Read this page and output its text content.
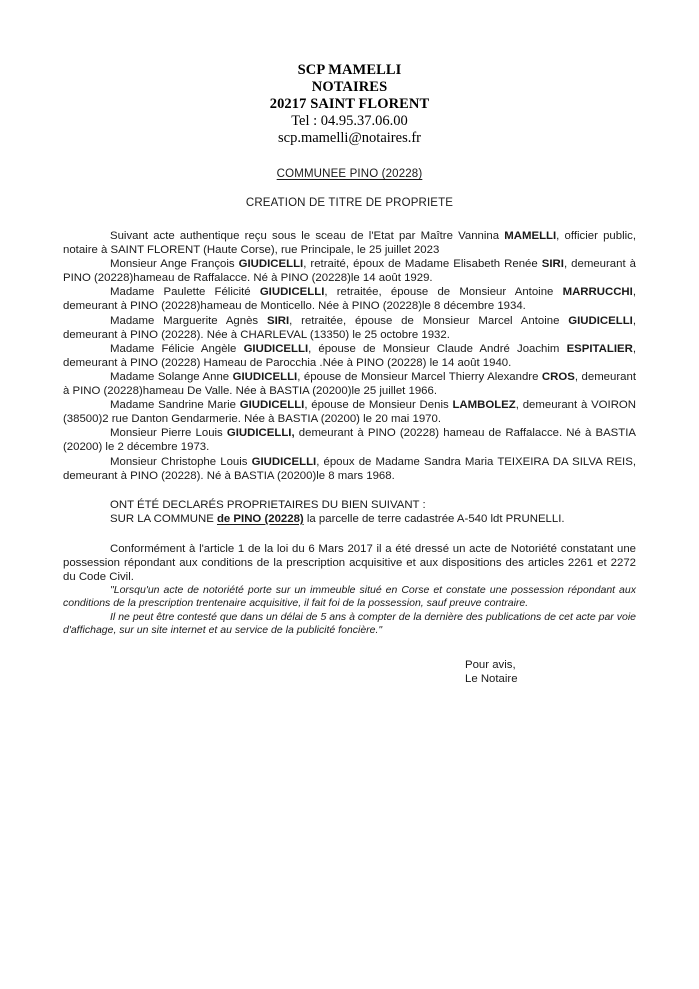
SCP MAMELLI
NOTAIRES
20217 SAINT FLORENT
Tel : 04.95.37.06.00
scp.mamelli@notaires.fr
COMMUNEE PINO (20228)
CREATION DE TITRE DE PROPRIETE

Suivant acte authentique reçu sous le sceau de l'Etat par Maître Vannina MAMELLI, officier public, notaire à SAINT FLORENT (Haute Corse), rue Principale, le 25 juillet 2023

Monsieur Ange François GIUDICELLI, retraité, époux de Madame Elisabeth Renée SIRI, demeurant à PINO (20228)hameau de Raffalacce. Né à PINO (20228)le 14 août 1929.

Madame Paulette Félicité GIUDICELLI, retraitée, épouse de Monsieur Antoine MARRUCCHI, demeurant à PINO (20228)hameau de Monticello. Née à PINO (20228)le 8 décembre 1934.

Madame Marguerite Agnès SIRI, retraitée, épouse de Monsieur Marcel Antoine GIUDICELLI, demeurant à PINO (20228). Née à CHARLEVAL (13350) le 25 octobre 1932.

Madame Félicie Angèle GIUDICELLI, épouse de Monsieur Claude André Joachim ESPITALIER, demeurant à PINO (20228) Hameau de Parocchia .Née à PINO (20228) le 14 août 1940.

Madame Solange Anne GIUDICELLI, épouse de Monsieur Marcel Thierry Alexandre CROS, demeurant à PINO (20228)hameau De Valle. Née à BASTIA (20200)le 25 juillet 1966.

Madame Sandrine Marie GIUDICELLI, épouse de Monsieur Denis LAMBOLEZ, demeurant à VOIRON (38500)2 rue Danton Gendarmerie. Née à BASTIA (20200) le 20 mai 1970.

Monsieur Pierre Louis GIUDICELLI, demeurant à PINO (20228) hameau de Raffalacce. Né à BASTIA (20200) le 2 décembre 1973.

Monsieur Christophe Louis GIUDICELLI, époux de Madame Sandra Maria TEIXEIRA DA SILVA REIS, demeurant à PINO (20228). Né à BASTIA (20200)le 8 mars 1968.

ONT ÉTÉ DECLARÉS PROPRIETAIRES DU BIEN SUIVANT :
SUR LA COMMUNE de PINO (20228) la parcelle de terre cadastrée A-540 ldt PRUNELLI.

Conformément à l'article 1 de la loi du 6 Mars 2017 il a été dressé un acte de Notoriété constatant une possession répondant aux conditions de la prescription acquisitive et aux dispositions des articles 2261 et 2272 du Code Civil.

"Lorsqu'un acte de notoriété porte sur un immeuble situé en Corse et constate une possession répondant aux conditions de la prescription trentenaire acquisitive, il fait foi de la possession, sauf preuve contraire.

Il ne peut être contesté que dans un délai de 5 ans à compter de la dernière des publications de cet acte par voie d'affichage, sur un site internet et au service de la publicité foncière."

Pour avis,
Le Notaire
